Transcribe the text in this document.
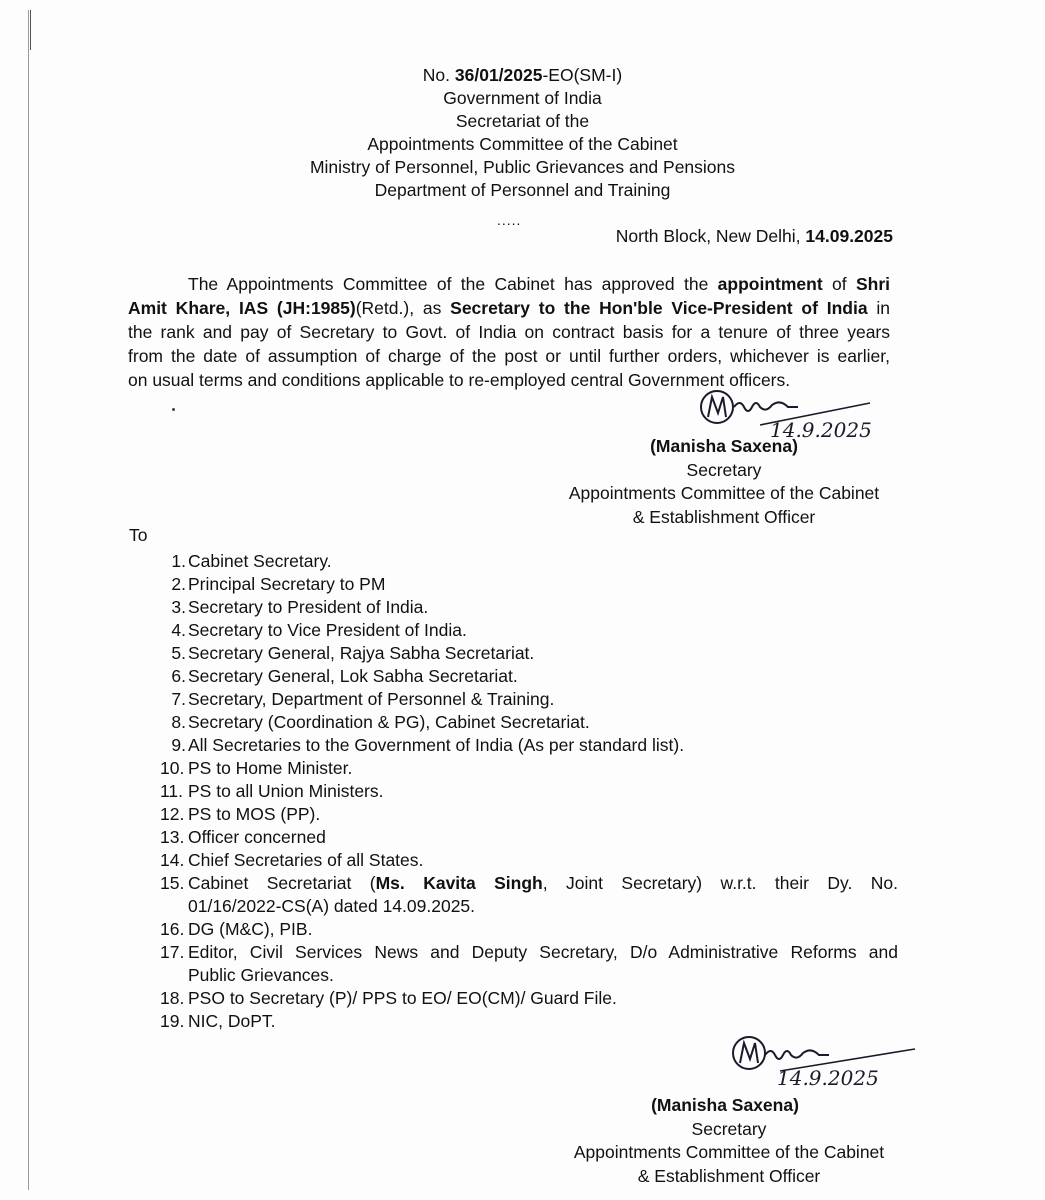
No. 36/01/2025-EO(SM-I)
Government of India
Secretariat of the
Appointments Committee of the Cabinet
Ministry of Personnel, Public Grievances and Pensions
Department of Personnel and Training
.....
North Block, New Delhi, 14.09.2025
The Appointments Committee of the Cabinet has approved the appointment of Shri
Amit Khare, IAS (JH:1985)(Retd.), as Secretary to the Hon'ble Vice-President of India in
the rank and pay of Secretary to Govt. of India on contract basis for a tenure of three years
from the date of assumption of charge of the post or until further orders, whichever is earlier,
on usual terms and conditions applicable to re-employed central Government officers.
14.9.2025
(Manisha Saxena)
Secretary
Appointments Committee of the Cabinet
& Establishment Officer
To
1. Cabinet Secretary.
2. Principal Secretary to PM
3. Secretary to President of India.
4. Secretary to Vice President of India.
5. Secretary General, Rajya Sabha Secretariat.
6. Secretary General, Lok Sabha Secretariat.
7. Secretary, Department of Personnel & Training.
8. Secretary (Coordination & PG), Cabinet Secretariat.
9. All Secretaries to the Government of India (As per standard list).
10. PS to Home Minister.
11. PS to all Union Ministers.
12. PS to MOS (PP).
13. Officer concerned
14. Chief Secretaries of all States.
15. Cabinet Secretariat (Ms. Kavita Singh, Joint Secretary) w.r.t. their Dy. No.
01/16/2022-CS(A) dated 14.09.2025.
16. DG (M&C), PIB.
17. Editor, Civil Services News and Deputy Secretary, D/o Administrative Reforms and
Public Grievances.
18. PSO to Secretary (P)/ PPS to EO/ EO(CM)/ Guard File.
19. NIC, DoPT.
14.9.2025
(Manisha Saxena)
Secretary
Appointments Committee of the Cabinet
& Establishment Officer
